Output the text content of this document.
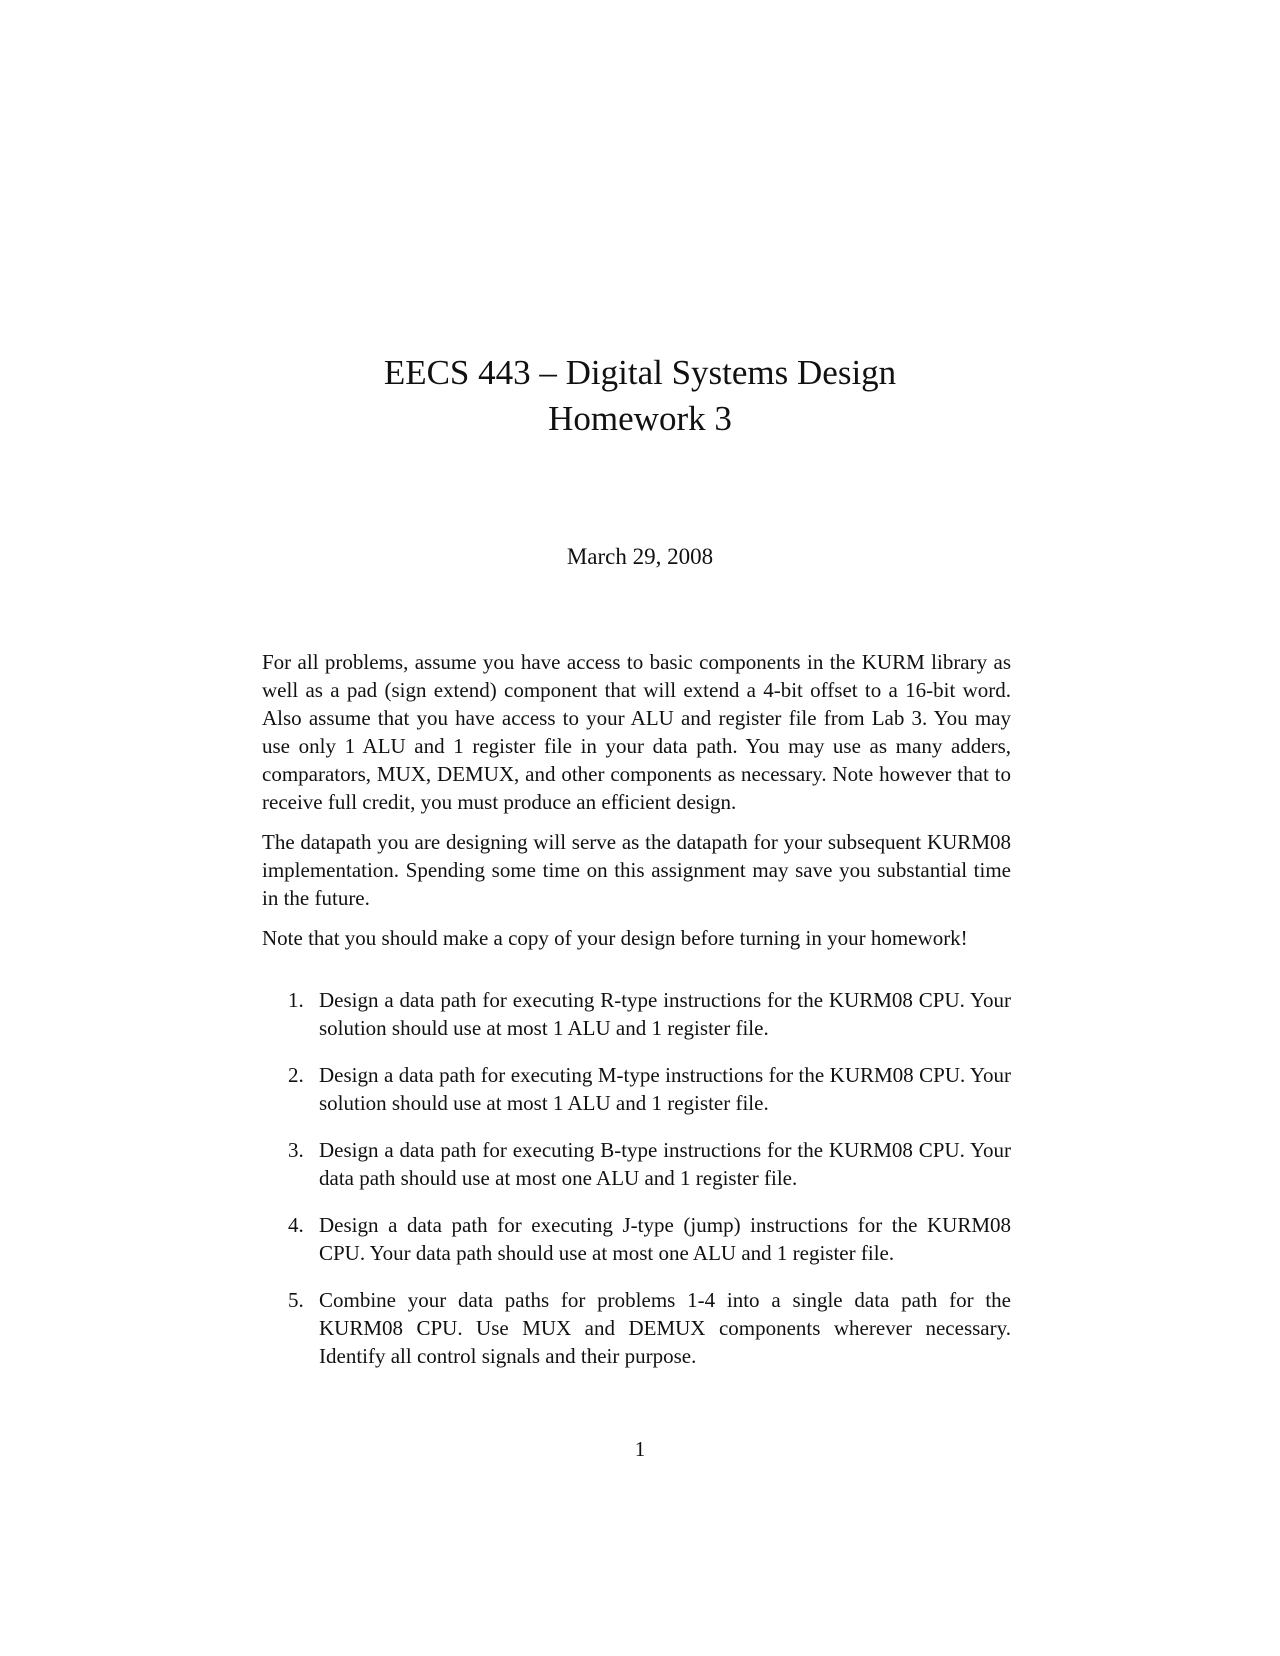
EECS 443 – Digital Systems Design
Homework 3
March 29, 2008

For all problems, assume you have access to basic components in the KURM library as well as a pad (sign extend) component that will extend a 4-bit offset to a 16-bit word. Also assume that you have access to your ALU and register file from Lab 3. You may use only 1 ALU and 1 register file in your data path. You may use as many adders, comparators, MUX, DEMUX, and other components as necessary. Note however that to receive full credit, you must produce an efficient design.

The datapath you are designing will serve as the datapath for your subsequent KURM08 implementation. Spending some time on this assignment may save you substantial time in the future.

Note that you should make a copy of your design before turning in your homework!

1. Design a data path for executing R-type instructions for the KURM08 CPU. Your solution should use at most 1 ALU and 1 register file.
2. Design a data path for executing M-type instructions for the KURM08 CPU. Your solution should use at most 1 ALU and 1 register file.
3. Design a data path for executing B-type instructions for the KURM08 CPU. Your data path should use at most one ALU and 1 register file.
4. Design a data path for executing J-type (jump) instructions for the KURM08 CPU. Your data path should use at most one ALU and 1 register file.
5. Combine your data paths for problems 1-4 into a single data path for the KURM08 CPU. Use MUX and DEMUX components wherever necessary. Identify all control signals and their purpose.
1
